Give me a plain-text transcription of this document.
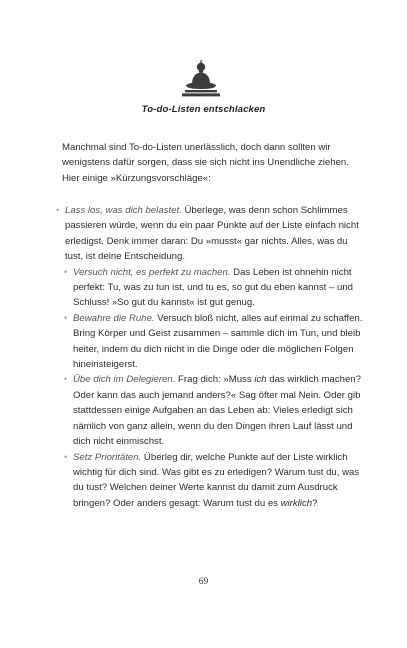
To-do-Listen entschlacken
Manchmal sind To-do-Listen unerlässlich, doch dann sollten wir wenigstens dafür sorgen, dass sie sich nicht ins Unendliche ziehen. Hier einige »Kürzungsvorschläge«:
• Lass los, was dich belastet. Überlege, was denn schon Schlimmes passieren würde, wenn du ein paar Punkte auf der Liste einfach nicht erledigst. Denk immer daran: Du »musst« gar nichts. Alles, was du tust, ist deine Entscheidung.
• Versuch nicht, es perfekt zu machen. Das Leben ist ohnehin nicht perfekt: Tu, was zu tun ist, und tu es, so gut du eben kannst – und Schluss! »So gut du kannst« ist gut genug.
• Bewahre die Ruhe. Versuch bloß nicht, alles auf einmal zu schaffen. Bring Körper und Geist zusammen – sammle dich im Tun, und bleib heiter, indem du dich nicht in die Dinge oder die möglichen Folgen hineinsteigerst.
• Übe dich im Delegieren. Frag dich: »Muss ich das wirklich machen? Oder kann das auch jemand anders?« Sag öfter mal Nein. Oder gib stattdessen einige Aufgaben an das Leben ab: Vieles erledigt sich nämlich von ganz allein, wenn du den Dingen ihren Lauf lässt und dich nicht einmischst.
• Setz Prioritäten. Überleg dir, welche Punkte auf der Liste wirklich wichtig für dich sind. Was gibt es zu erledigen? Warum tust du, was du tust? Welchen deiner Werte kannst du damit zum Ausdruck bringen? Oder anders gesagt: Warum tust du es wirklich?
69
